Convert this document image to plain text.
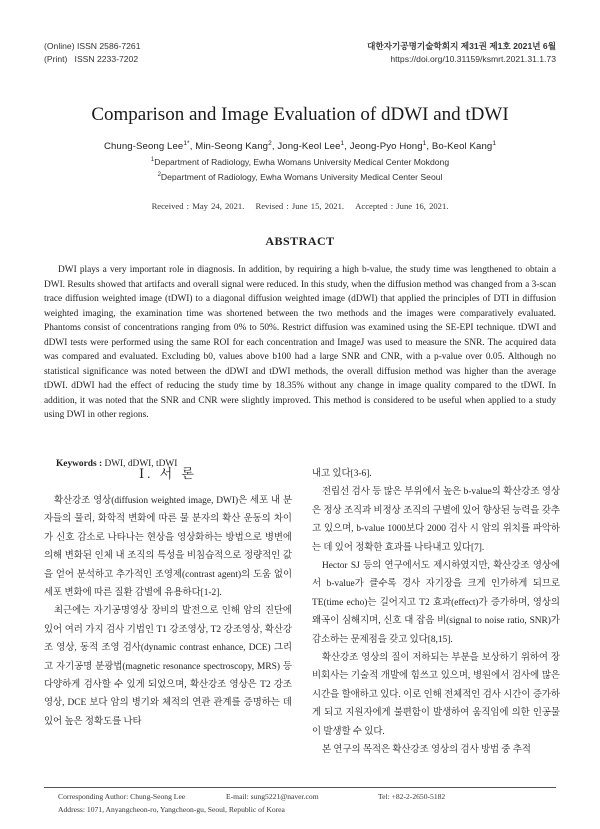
(Online) ISSN 2586-7261
(Print)   ISSN 2233-7202
대한자기공명기술학회지 제31권 제1호 2021년 6월
https://doi.org/10.31159/ksmrt.2021.31.1.73
Comparison and Image Evaluation of dDWI and tDWI
Chung-Seong Lee$^{1*}$, Min-Seong Kang$^2$, Jong-Keol Lee$^1$, Jeong-Pyo Hong$^1$, Bo-Keol Kang$^1$
$^1$Department of Radiology, Ewha Womans University Medical Center Mokdong
$^2$Department of Radiology, Ewha Womans University Medical Center Seoul
Received : May 24, 2021. Revised : June 15, 2021. Accepted : June 16, 2021.
ABSTRACT
DWI plays a very important role in diagnosis. In addition, by requiring a high b-value, the study time was lengthened to obtain a DWI. Results showed that artifacts and overall signal were reduced. In this study, when the diffusion method was changed from a 3-scan trace diffusion weighted image (tDWI) to a diagonal diffusion weighted image (dDWI) that applied the principles of DTI in diffusion weighted imaging, the examination time was shortened between the two methods and the images were comparatively evaluated. Phantoms consist of concentrations ranging from 0% to 50%. Restrict diffusion was examined using the SE-EPI technique. tDWI and dDWI tests were performed using the same ROI for each concentration and ImageJ was used to measure the SNR. The acquired data was compared and evaluated. Excluding b0, values above b100 had a large SNR and CNR, with a p-value over 0.05. Although no statistical significance was noted between the dDWI and tDWI methods, the overall diffusion method was higher than the average tDWI. dDWI had the effect of reducing the study time by 18.35% without any change in image quality compared to the tDWI. In addition, it was noted that the SNR and CNR were slightly improved. This method is considered to be useful when applied to a study using DWI in other regions.
Keywords : DWI, dDWI, tDWI
Ⅰ. 서 론

확산강조 영상(diffusion weighted image, DWI)은 세포 내 분자들의 물리, 화학적 변화에 따른 물 분자의 확산 운동의 차이가 신호 감소로 나타나는 현상을 영상화하는 방법으로 병변에 의해 변화된 인체 내 조직의 특성을 비침습적으로 정량적인 값을 얻어 분석하고 추가적인 조영제(contrast agent)의 도움 없이 세포 변화에 따른 질환 감별에 유용하다[1-2].

최근에는 자기공명영상 장비의 발전으로 인해 암의 진단에 있어 여러 가지 검사 기법인 T1 강조영상, T2 강조영상, 확산강조 영상, 동적 조영 검사(dynamic contrast enhance, DCE) 그리고 자기공명 분광법(magnetic resonance spectroscopy, MRS) 등 다양하게 검사할 수 있게 되었으며, 확산강조 영상은 T2 강조영상, DCE 보다 암의 병기와 체적의 연관 관계를 증명하는 데 있어 높은 정확도를 나타

내고 있다[3-6].

전립선 검사 등 많은 부위에서 높은 b-value의 확산강조 영상은 정상 조직과 비정상 조직의 구별에 있어 향상된 능력을 갖추고 있으며, b-value 1000보다 2000 검사 시 암의 위치를 파악하는 데 있어 정확한 효과를 나타내고 있다[7].

Hector SJ 등의 연구에서도 제시하였지만, 확산강조 영상에서 b-value가 클수록 경사 자기장을 크게 인가하게 되므로 TE(time echo)는 길어지고 T2 효과(effect)가 증가하며, 영상의 왜곡이 심해지며, 신호 대 잡음 비(signal to noise ratio, SNR)가 감소하는 문제점을 갖고 있다[8,15].

확산강조 영상의 질이 저하되는 부분을 보상하기 위하여 장비회사는 기술적 개발에 힘쓰고 있으며, 병원에서 검사에 많은 시간을 할애하고 있다. 이로 인해 전체적인 검사 시간이 증가하게 되고 지원자에게 불편함이 발생하여 움직임에 의한 인공물이 발생할 수 있다.

본 연구의 목적은 확산강조 영상의 검사 방법 중 추적

Corresponding Author: Chung-Seong Lee	E-mail: sung5221@naver.com	Tel: +82-2-2650-5182
Address: 1071, Anyangcheon-ro, Yangcheon-gu, Seoul, Republic of Korea
